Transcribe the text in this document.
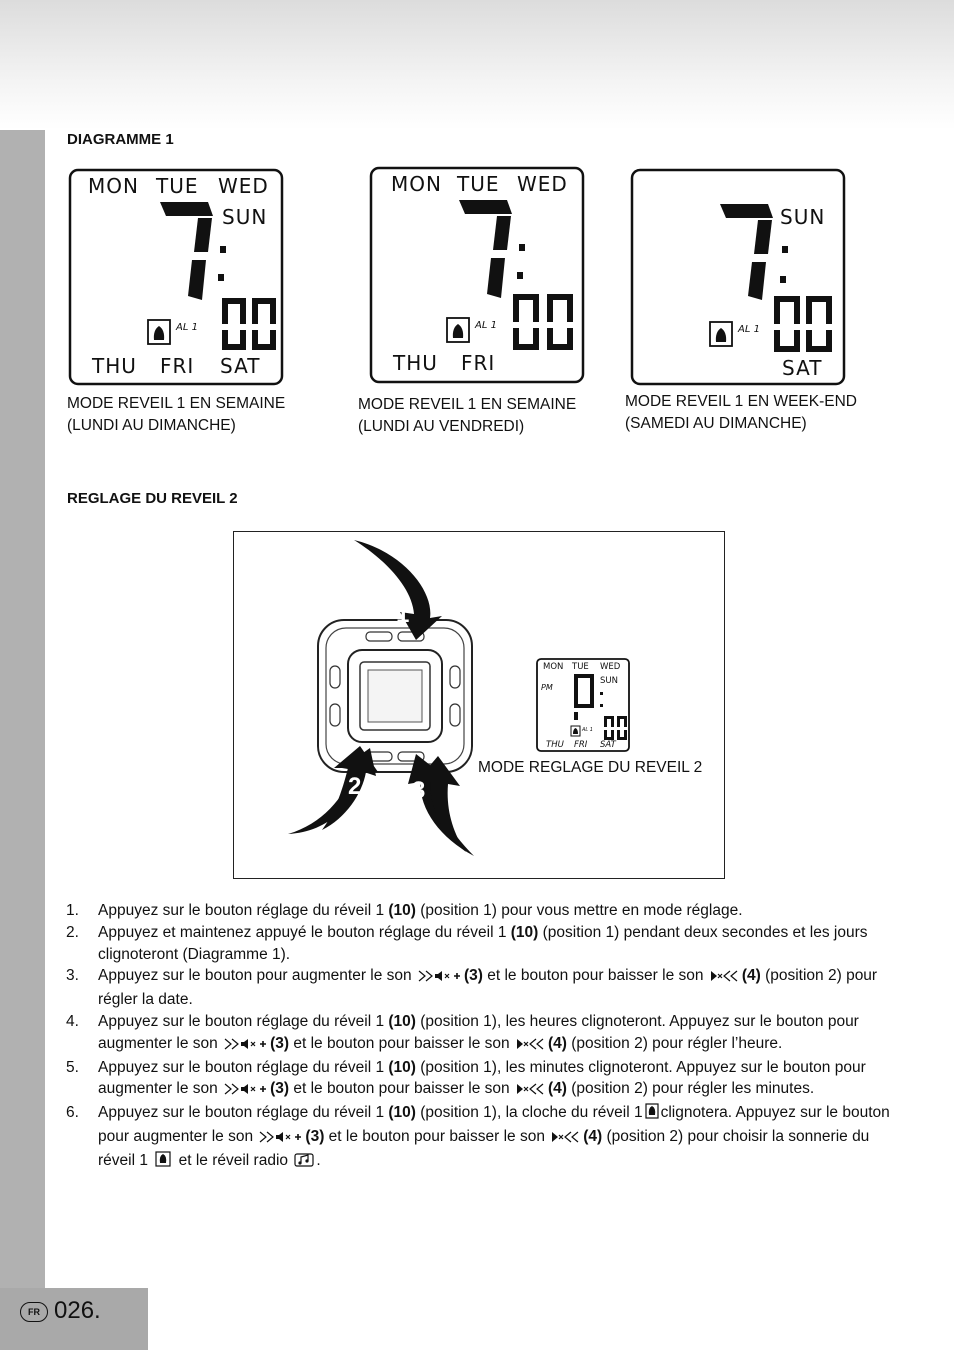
FR 026.
DIAGRAMME 1
MON TUE WED
SUN
AL 1
THU FRI SAT
MODE REVEIL 1 EN SEMAINE
(LUNDI AU DIMANCHE)
MON TUE WED
AL 1
THU FRI
MODE REVEIL 1 EN SEMAINE
(LUNDI AU VENDREDI)
SUN
AL 1
SAT
MODE REVEIL 1 EN WEEK-END
(SAMEDI AU DIMANCHE)
REGLAGE DU REVEIL 2
1
2 3
MON TUE WED
SUN
PM
AL 1
THU FRI SAT
MODE REGLAGE DU REVEIL 2
1. Appuyez sur le bouton réglage du réveil 1 (10) (position 1) pour vous mettre en mode réglage.
2. Appuyez et maintenez appuyé le bouton réglage du réveil 1 (10) (position 1) pendant deux secondes et les jours clignoteront (Diagramme 1).
3. Appuyez sur le bouton pour augmenter le son	(3) et le bouton pour baisser le son (4) (position 2) pour régler la date.
4. Appuyez sur le bouton réglage du réveil 1 (10) (position 1), les heures clignoteront. Appuyez sur le bouton pour augmenter le son	(3) et le bouton pour baisser le son (4) (position 2) pour régler l’heure.
5. Appuyez sur le bouton réglage du réveil 1 (10) (position 1), les minutes clignoteront. Appuyez sur le bouton pour augmenter le son	(3) et le bouton pour baisser le son (4) (position 2) pour régler les minutes.
6. Appuyez sur le bouton réglage du réveil 1 (10) (position 1), la cloche du réveil 1 clignotera. Appuyez sur le bouton pour augmenter le son	(3) et le bouton pour baisser le son (4) (position 2) pour choisir la sonnerie du réveil 1  et le réveil radio .
